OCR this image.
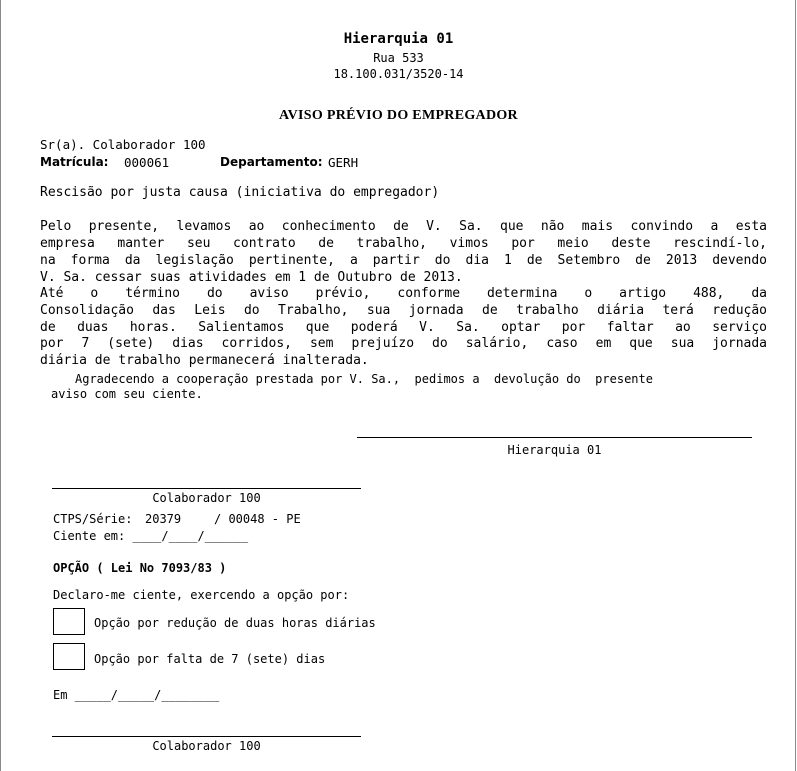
Hierarquia 01
Rua 533
18.100.031/3520-14
AVISO PRÉVIO DO EMPREGADOR
Sr(a). Colaborador 100
Matrícula: 000061	Departamento: GERH
Rescisão por justa causa (iniciativa do empregador)
Pelo presente, levamos ao conhecimento de V. Sa. que não mais convindo a esta
empresa manter seu contrato de trabalho, vimos por meio deste rescindí-lo,
na forma da legislação pertinente, a partir do dia 1 de Setembro de 2013 devendo
V. Sa. cessar suas atividades em 1 de Outubro de 2013.
Até o término do aviso prévio, conforme determina o artigo 488, da
Consolidação das Leis do Trabalho, sua jornada de trabalho diária terá redução
de duas horas. Salientamos que poderá V. Sa. optar por faltar ao serviço
por 7 (sete) dias corridos, sem prejuízo do salário, caso em que sua jornada
diária de trabalho permanecerá inalterada.
Agradecendo a cooperação prestada por V. Sa.,  pedimos a  devolução do  presente
aviso com seu ciente.
Hierarquia 01
Colaborador 100
CTPS/Série: 20379	/ 00048 - PE
Ciente em: ____/____/______
OPÇÃO ( Lei No 7093/83 )
Declaro-me ciente, exercendo a opção por:
Opção por redução de duas horas diárias
Opção por falta de 7 (sete) dias
Em _____/_____/________
Colaborador 100
